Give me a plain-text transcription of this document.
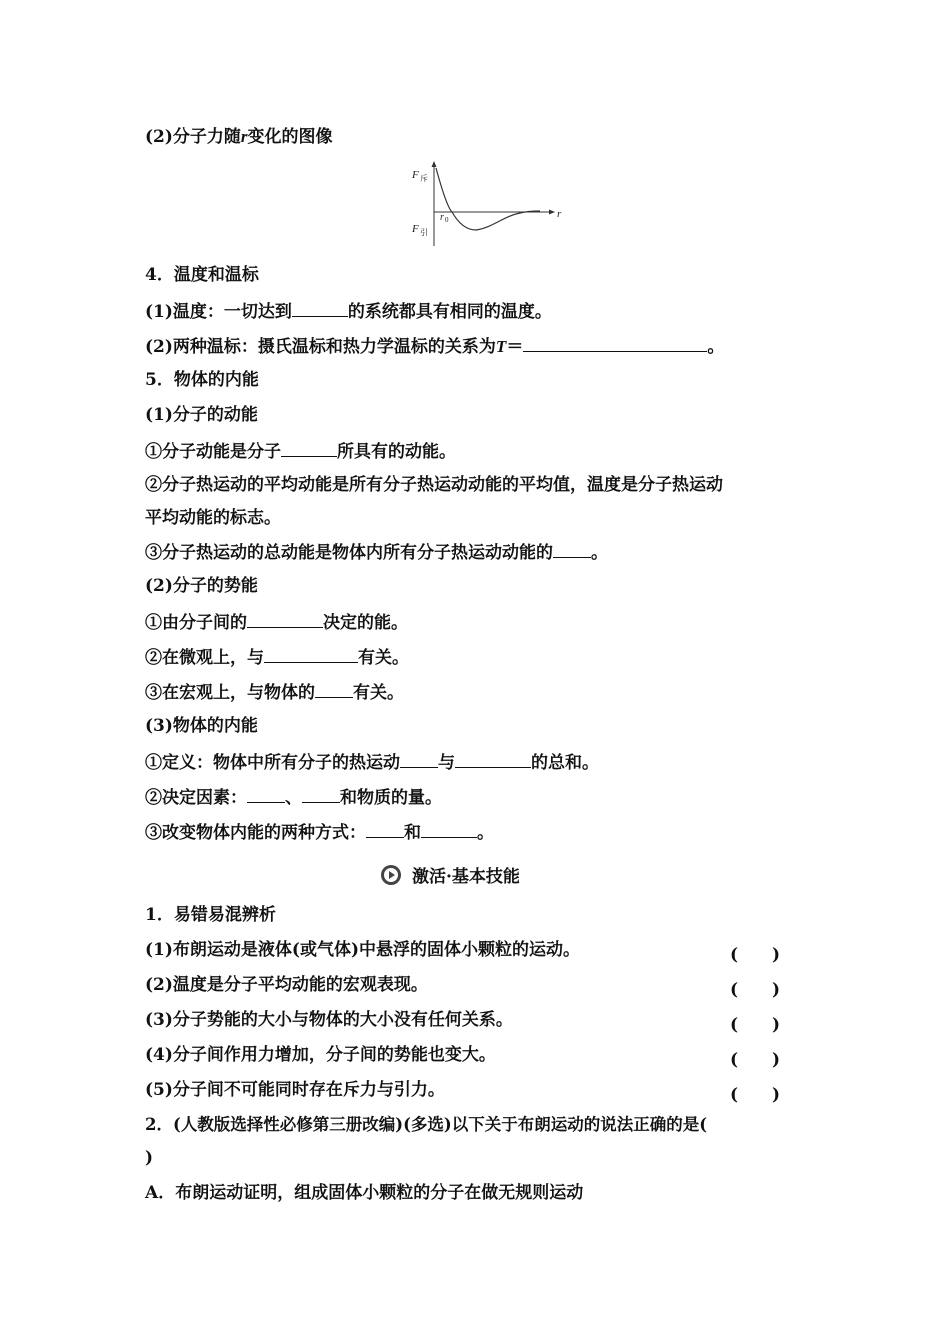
(2)分子力随r变化的图像
F 斥
F 引
r
r 0
4．温度和温标
(1)温度：一切达到	的系统都具有相同的温度。
(2)两种温标：摄氏温标和热力学温标的关系为T＝	。
5．物体的内能
(1)分子的动能
①分子动能是分子	所具有的动能。
②分子热运动的平均动能是所有分子热运动动能的平均值，温度是分子热运动
平均动能的标志。
③分子热运动的总动能是物体内所有分子热运动动能的 。
(2)分子的势能
①由分子间的	决定的能。
②在微观上，与	有关。
③在宏观上，与物体的 有关。
(3)物体的内能
①定义：物体中所有分子的热运动 与	的总和。
②决定因素： 、 和物质的量。
③改变物体内能的两种方式： 和	。
激活·基本技能
1．易错易混辨析
(1)布朗运动是液体(或气体)中悬浮的固体小颗粒的运动。	(　　)
(2)温度是分子平均动能的宏观表现。	(　　)
(3)分子势能的大小与物体的大小没有任何关系。	(　　)
(4)分子间作用力增加，分子间的势能也变大。	(　　)
(5)分子间不可能同时存在斥力与引力。	(　　)
2．(人教版选择性必修第三册改编)(多选)以下关于布朗运动的说法正确的是(
)
A．布朗运动证明，组成固体小颗粒的分子在做无规则运动
